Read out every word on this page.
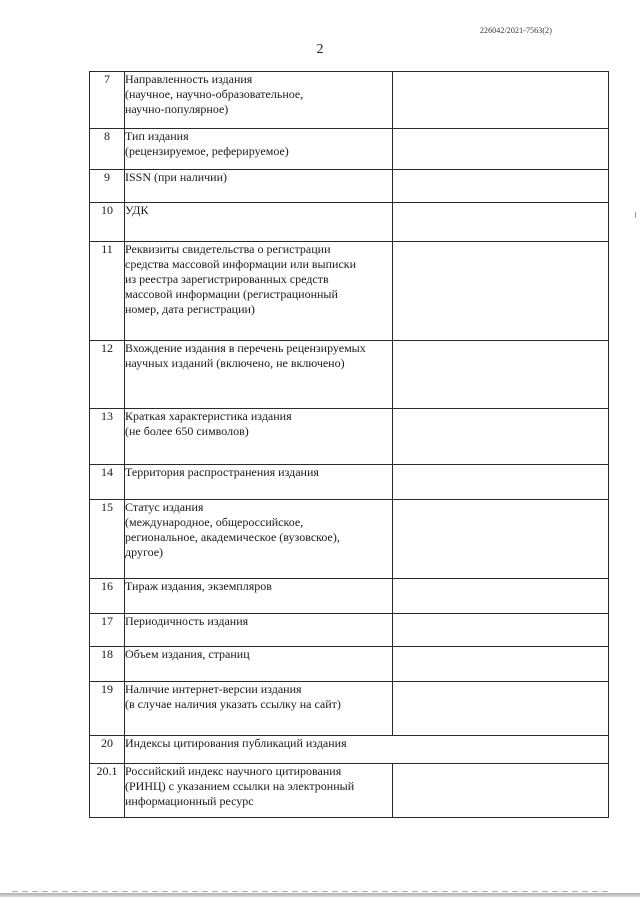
226042/2021-7563(2)
2
7	Направленность издания
(научное, научно-образовательное,
научно-популярное)	
8	Тип издания
(рецензируемое, реферируемое)	
9	ISSN (при наличии)	
10	УДК	
11	Реквизиты свидетельства о регистрации
средства массовой информации или выписки
из реестра зарегистрированных средств
массовой информации (регистрационный
номер, дата регистрации)	
12	Вхождение издания в перечень рецензируемых
научных изданий (включено, не включено)	
13	Краткая характеристика издания
(не более 650 символов)	
14	Территория распространения издания	
15	Статус издания
(международное, общероссийское,
региональное, академическое (вузовское),
другое)	
16	Тираж издания, экземпляров	
17	Периодичность издания	
18	Объем издания, страниц	
19	Наличие интернет-версии издания
(в случае наличия указать ссылку на сайт)	
20	Индексы цитирования публикаций издания	
20.1	Российский индекс научного цитирования
(РИНЦ) с указанием ссылки на электронный
информационный ресурс	
